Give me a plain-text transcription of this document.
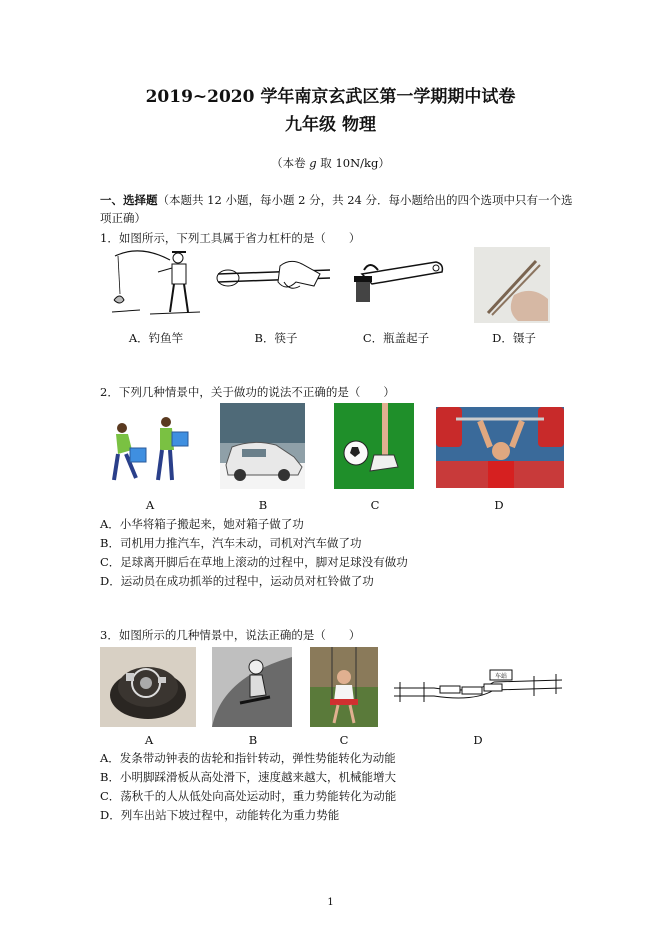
2019~2020 学年南京玄武区第一学期期中试卷
九年级 物理
（本卷 g 取 10N/kg）
一、选择题（本题共 12 小题，每小题 2 分，共 24 分．每小题给出的四个选项中只有一个选
项正确）
1．如图所示，下列工具属于省力杠杆的是（　　）
A．钓鱼竿	B．筷子	C．瓶盖起子	D．镊子
2．下列几种情景中，关于做功的说法不正确的是（　　）
A	B	C	D
A．小华将箱子搬起来，她对箱子做了功
B．司机用力推汽车，汽车未动，司机对汽车做了功
C．足球离开脚后在草地上滚动的过程中，脚对足球没有做功
D．运动员在成功抓举的过程中，运动员对杠铃做了功
3．如图所示的几种情景中，说法正确的是（　　）
车站
A	B	C	D
A．发条带动钟表的齿轮和指针转动，弹性势能转化为动能
B．小明脚踩滑板从高处滑下，速度越来越大，机械能增大
C．荡秋千的人从低处向高处运动时，重力势能转化为动能
D．列车出站下坡过程中，动能转化为重力势能
1
